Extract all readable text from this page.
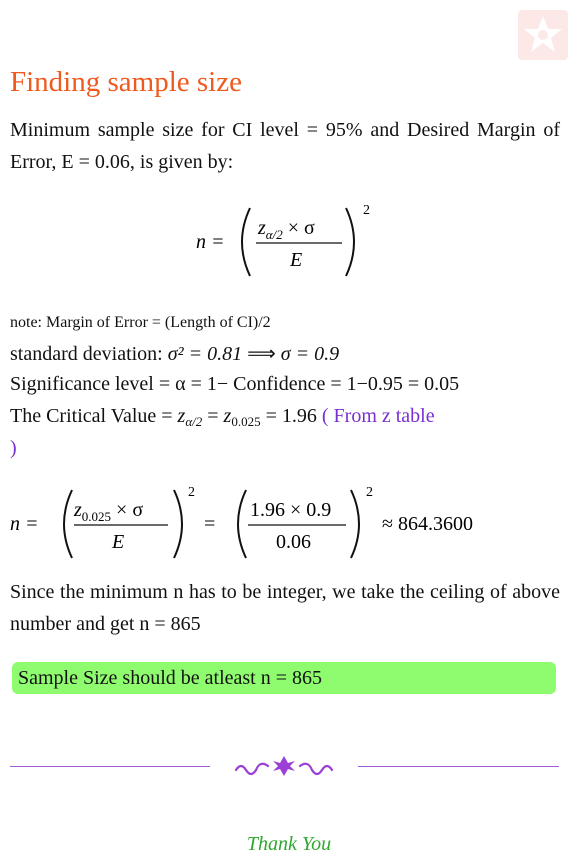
Finding sample size
Minimum sample size for CI level = 95% and Desired Margin of Error, E = 0.06, is given by:
n =
$z_{\alpha/2} \times \sigma$
E
2
note: Margin of Error = (Length of CI)/2
standard deviation: σ² = 0.81 ⟹ σ = 0.9
Significance level = α = 1− Confidence = 1−0.95 = 0.05
The Critical Value = $z_{\alpha/2} = z_{0.025} = 1.96$ ( From z table
)
n =
$z_{0.025} \times \sigma$
E
2
=
1.96 × 0.9
0.06
2
≈ 864.3600
Since the minimum n has to be integer, we take the ceiling of above number and get n = 865
Sample Size should be atleast n = 865
Thank You
